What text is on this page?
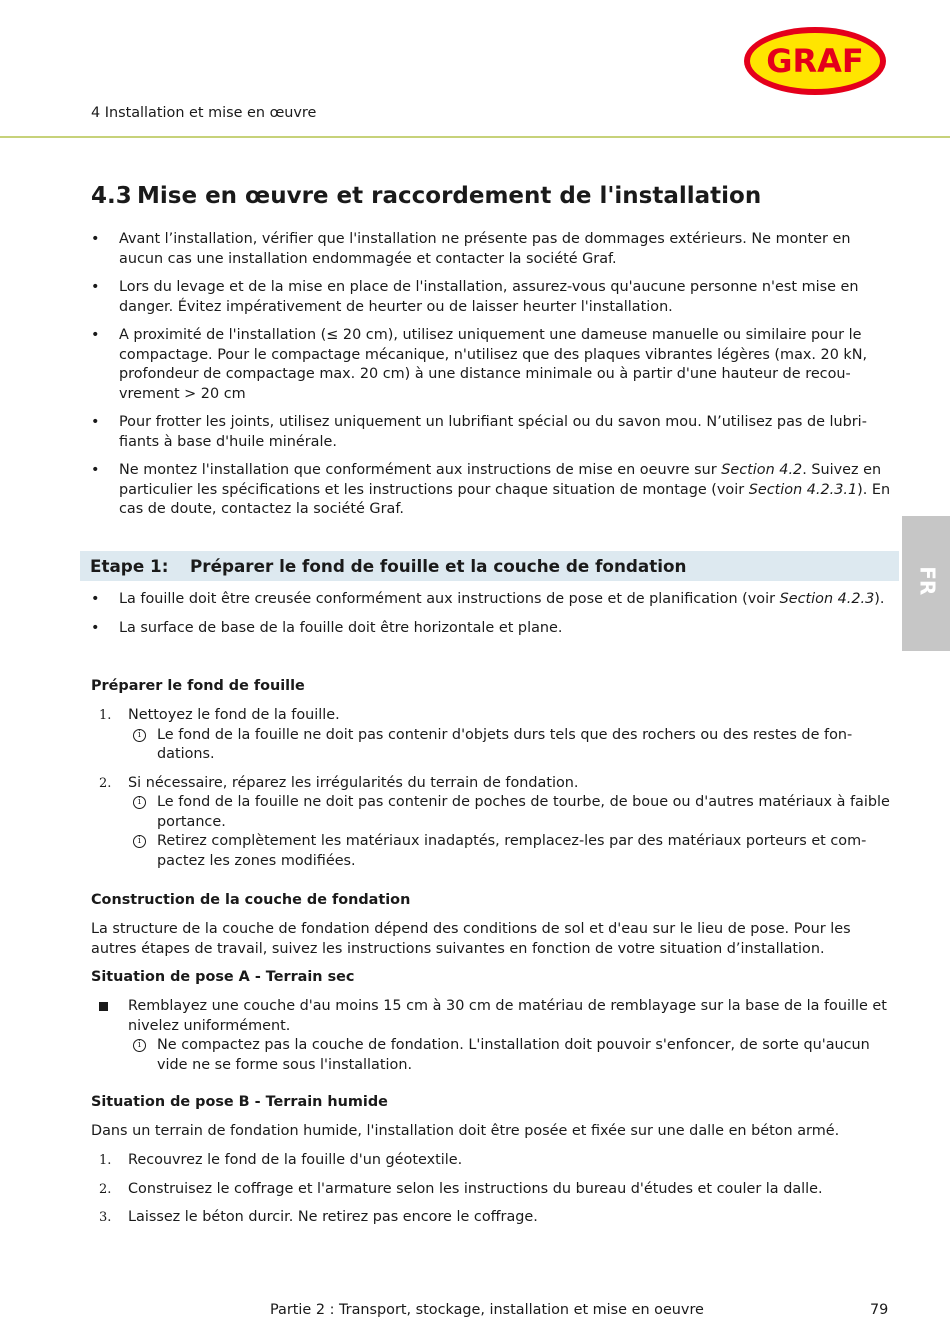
GRAF
4 Installation et mise en œuvre
4.3 Mise en œuvre et raccordement de l'installation
• Avant l’installation, vérifier que l'installation ne présente pas de dommages extérieurs. Ne monter en aucun cas une installation endommagée et contacter la société Graf.

• Lors du levage et de la mise en place de l'installation, assurez-vous qu'aucune personne n'est mise en danger. Évitez impérativement de heurter ou de laisser heurter l'installation.

• A proximité de l'installation (≤ 20 cm), utilisez uniquement une dameuse manuelle ou similaire pour le compactage. Pour le compactage mécanique, n'utilisez que des plaques vibrantes légères (max. 20 kN, profondeur de compactage max. 20 cm) à une distance minimale ou à partir d'une hauteur de recouvrement > 20 cm

• Pour frotter les joints, utilisez uniquement un lubrifiant spécial ou du savon mou. N’utilisez pas de lubrifiants à base d'huile minérale.

• Ne montez l'installation que conformément aux instructions de mise en oeuvre sur Section 4.2. Suivez en particulier les spécifications et les instructions pour chaque situation de montage (voir Section 4.2.3.1). En cas de doute, contactez la société Graf.

Etape 1: Préparer le fond de fouille et la couche de fondation
• La fouille doit être creusée conformément aux instructions de pose et de planification (voir Section 4.2.3).

• La surface de base de la fouille doit être horizontale et plane.

Préparer le fond de fouille
1. Nettoyez le fond de la fouille.
i	Le fond de la fouille ne doit pas contenir d'objets durs tels que des rochers ou des restes de fondations.
2. Si nécessaire, réparez les irrégularités du terrain de fondation.
i	Le fond de la fouille ne doit pas contenir de poches de tourbe, de boue ou d'autres matériaux à faible portance.
i	Retirez complètement les matériaux inadaptés, remplacez-les par des matériaux porteurs et compactez les zones modifiées.
Construction de la couche de fondation
La structure de la couche de fondation dépend des conditions de sol et d'eau sur le lieu de pose. Pour les autres étapes de travail, suivez les instructions suivantes en fonction de votre situation d’installation.
Situation de pose A - Terrain sec
Remblayez une couche d'au moins 15 cm à 30 cm de matériau de remblayage sur la base de la fouille et nivelez uniformément.
i	Ne compactez pas la couche de fondation. L'installation doit pouvoir s'enfoncer, de sorte qu'aucun vide ne se forme sous l'installation.
Situation de pose B - Terrain humide
Dans un terrain de fondation humide, l'installation doit être posée et fixée sur une dalle en béton armé.
1. Recouvrez le fond de la fouille d'un géotextile.
2. Construisez le coffrage et l'armature selon les instructions du bureau d'études et couler la dalle.
3. Laissez le béton durcir. Ne retirez pas encore le coffrage.
FR
Partie 2 : Transport, stockage, installation et mise en oeuvre	79
